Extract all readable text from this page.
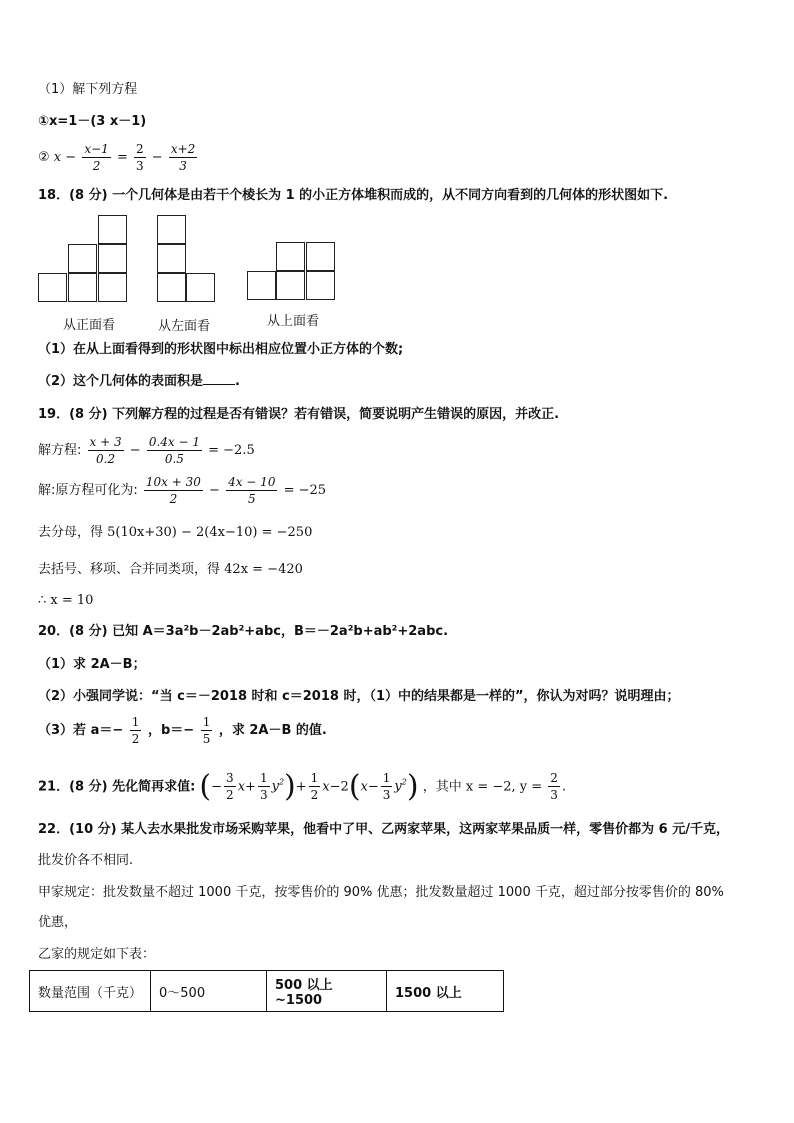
（1）解下列方程
①x=1－(3 x－1)
② $x - \frac{x-1}{2} = \frac{2}{3} - \frac{x+2}{3}$
18．(8 分) 一个几何体是由若干个棱长为 1 的小正方体堆积而成的，从不同方向看到的几何体的形状图如下.
从正面看	从左面看	从上面看
（1）在从上面看得到的形状图中标出相应位置小正方体的个数;
（2）这个几何体的表面积是 .
19．(8 分) 下列解方程的过程是否有错误？若有错误，简要说明产生错误的原因，并改正.
解方程: $\frac{x + 3}{0.2} - \frac{0.4x - 1}{0.5} = -2.5$
解:原方程可化为: $\frac{10x + 30}{2} - \frac{4x - 10}{5} = -25$
去分母，得 5(10x+30) − 2(4x−10) = −250
去括号、移项、合并同类项，得 42x = −420
∴ x = 10
20．(8 分) 已知 A＝3a²b－2ab²+abc，B＝－2a²b+ab²+2abc.
（1）求 2A－B；
（2）小强同学说：“当 c＝－2018 时和 c＝2018 时，（1）中的结果都是一样的”，你认为对吗？说明理由；
（3）若 $a=- \frac{1}{2}$ ，$b=- \frac{1}{5}$ ，求 2A－B 的值.
21．(8 分) 先化简再求值: (− $\frac{3}{2} x+ \frac{1}{3} y^2)+ \frac{1}{2} x-2(x- \frac{1}{3} y^2)$ ，其中 x = −2, $y = \frac{2}{3}$ .
22．(10 分) 某人去水果批发市场采购苹果，他看中了甲、乙两家苹果，这两家苹果品质一样，零售价都为 6 元/千克，
批发价各不相同.
甲家规定：批发数量不超过 1000 千克，按零售价的 90% 优惠；批发数量超过 1000 千克，超过部分按零售价的 80%
优惠，
乙家的规定如下表：
数量范围（千克）	0～500	500 以上~1500	1500 以上
